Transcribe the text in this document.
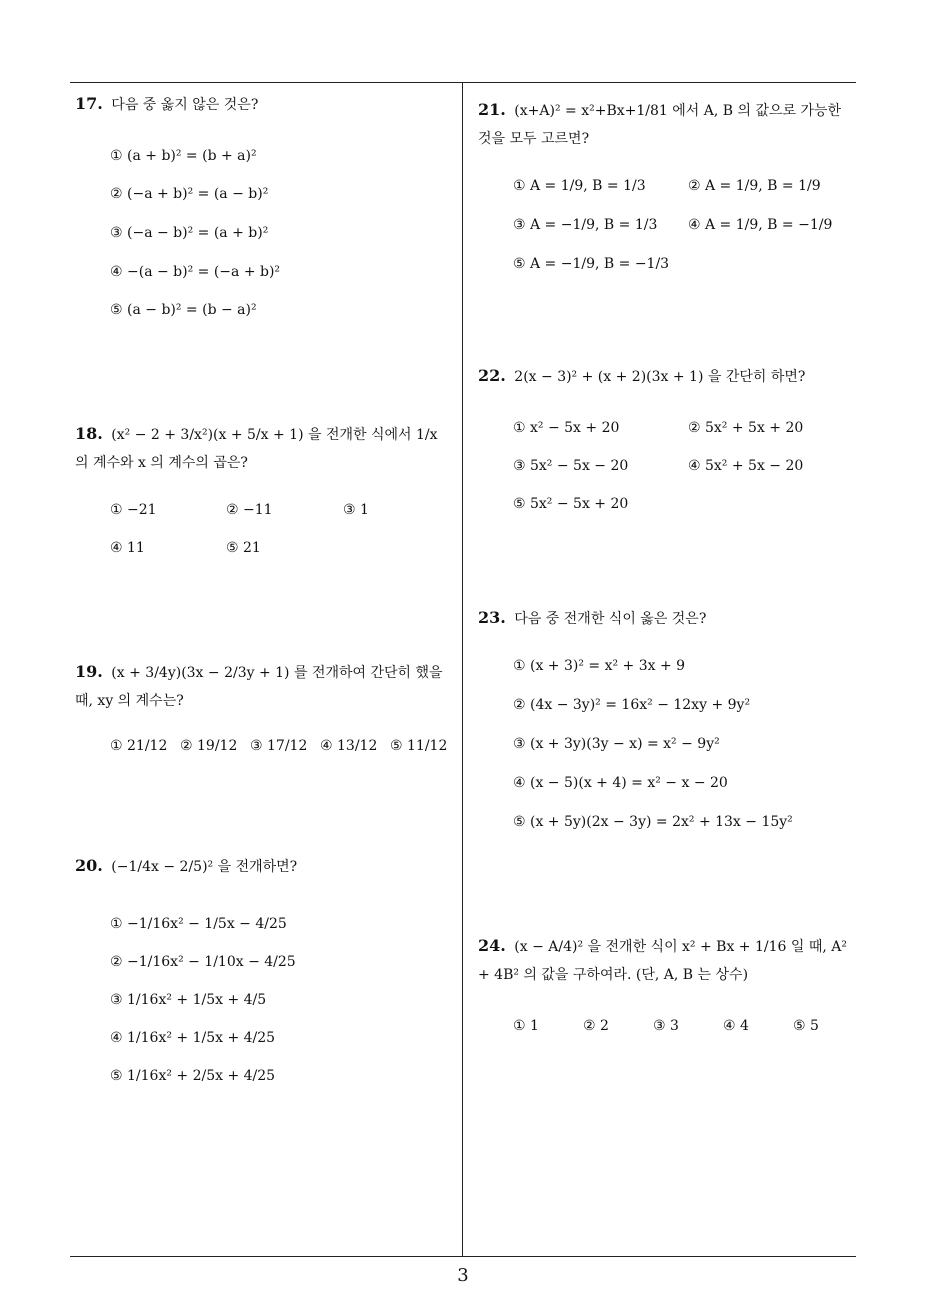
17. 다음 중 옳지 않은 것은?
① (a + b)² = (b + a)²
② (−a + b)² = (a − b)²
③ (−a − b)² = (a + b)²
④ −(a − b)² = (−a + b)²
⑤ (a − b)² = (b − a)²
18. (x² − 2 + 3/x²)(x + 5/x + 1) 을 전개한 식에서 1/x 의 계수와 x 의 계수의 곱은?
① −21	② −11	③ 1
④ 11	⑤ 21
19. (x + 3/4y)(3x − 2/3y + 1) 를 전개하여 간단히 했을 때, xy 의 계수는?
① 21/12 ② 19/12 ③ 17/12 ④ 13/12 ⑤ 11/12
20. (−1/4x − 2/5)² 을 전개하면?
① −1/16x² − 1/5x − 4/25
② −1/16x² − 1/10x − 4/25
③ 1/16x² + 1/5x + 4/5
④ 1/16x² + 1/5x + 4/25
⑤ 1/16x² + 2/5x + 4/25
21. (x+A)² = x²+Bx+1/81 에서 A, B 의 값으로 가능한 것을 모두 고르면?
① A = 1/9, B = 1/3	② A = 1/9, B = 1/9
③ A = −1/9, B = 1/3 ④ A = 1/9, B = −1/9
⑤ A = −1/9, B = −1/3
22. 2(x − 3)² + (x + 2)(3x + 1) 을 간단히 하면?
① x² − 5x + 20	② 5x² + 5x + 20
③ 5x² − 5x − 20	④ 5x² + 5x − 20
⑤ 5x² − 5x + 20
23. 다음 중 전개한 식이 옳은 것은?
① (x + 3)² = x² + 3x + 9
② (4x − 3y)² = 16x² − 12xy + 9y²
③ (x + 3y)(3y − x) = x² − 9y²
④ (x − 5)(x + 4) = x² − x − 20
⑤ (x + 5y)(2x − 3y) = 2x² + 13x − 15y²
24. (x − A/4)² 을 전개한 식이 x² + Bx + 1/16 일 때, A² + 4B² 의 값을 구하여라. (단, A, B 는 상수)
① 1	② 2	③ 3	④ 4	⑤ 5
3
